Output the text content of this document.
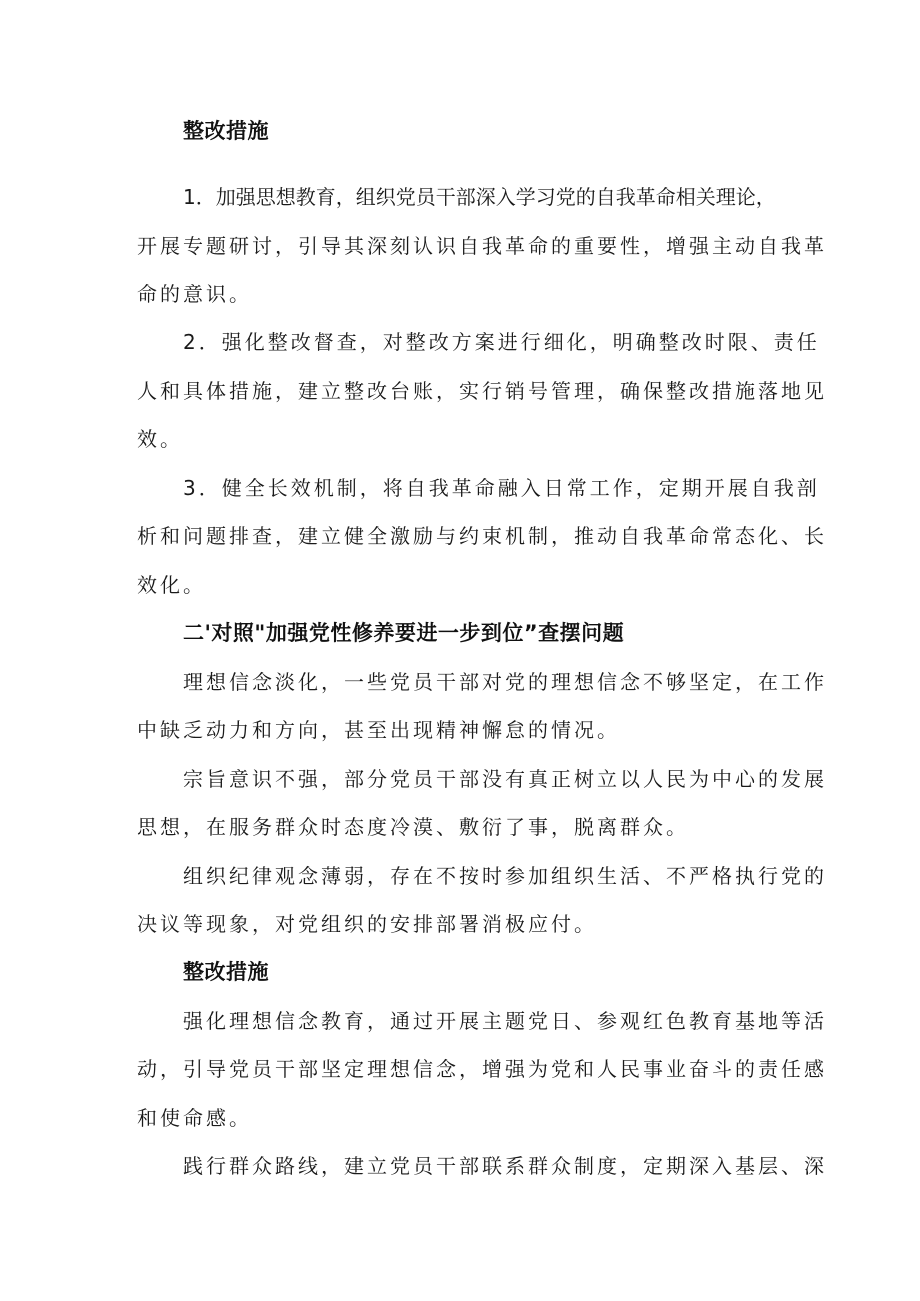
整改措施
1．加强思想教育，组织党员干部深入学习党的自我革命相关理论，
开展专题研讨，引导其深刻认识自我革命的重要性，增强主动自我革
命的意识。
2．强化整改督查，对整改方案进行细化，明确整改时限、责任
人和具体措施，建立整改台账，实行销号管理，确保整改措施落地见
效。
3．健全长效机制，将自我革命融入日常工作，定期开展自我剖
析和问题排查，建立健全激励与约束机制，推动自我革命常态化、长
效化。
二'对照"加强党性修养要进一步到位”查摆问题
理想信念淡化，一些党员干部对党的理想信念不够坚定，在工作
中缺乏动力和方向，甚至出现精神懈怠的情况。
宗旨意识不强，部分党员干部没有真正树立以人民为中心的发展
思想，在服务群众时态度冷漠、敷衍了事，脱离群众。
组织纪律观念薄弱，存在不按时参加组织生活、不严格执行党的
决议等现象，对党组织的安排部署消极应付。
整改措施
强化理想信念教育，通过开展主题党日、参观红色教育基地等活
动，引导党员干部坚定理想信念，增强为党和人民事业奋斗的责任感
和使命感。
践行群众路线，建立党员干部联系群众制度，定期深入基层、深
